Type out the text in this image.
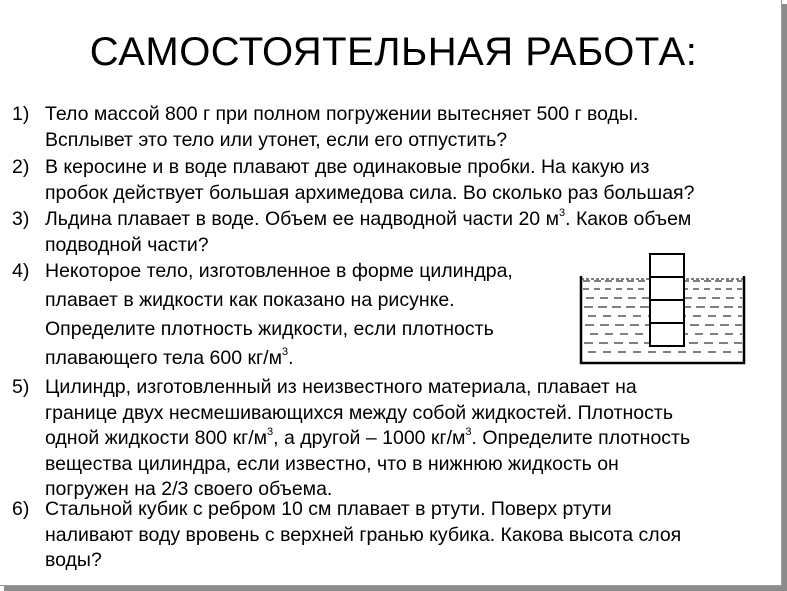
САМОСТОЯТЕЛЬНАЯ РАБОТА:
1) Тело массой 800 г при полном погружении вытесняет 500 г воды.
Всплывет это тело или утонет, если его отпустить?
2) В керосине и в воде плавают две одинаковые пробки. На какую из
пробок действует большая архимедова сила. Во сколько раз большая?
3) Льдина плавает в воде. Объем ее надводной части 20 $м^3$. Каков объем
подводной части?
4) Некоторое тело, изготовленное в форме цилиндра,
плавает в жидкости как показано на рисунке.
Определите плотность жидкости, если плотность
плавающего тела 600 $кг/м^3$.
5) Цилиндр, изготовленный из неизвестного материала, плавает на
границе двух несмешивающихся между собой жидкостей. Плотность
одной жидкости 800 $кг/м^3$, а другой – 1000 $кг/м^3$. Определите плотность
вещества цилиндра, если известно, что в нижнюю жидкость он
погружен на 2/3 своего объема.
6) Стальной кубик с ребром 10 см плавает в ртути. Поверх ртути
наливают воду вровень с верхней гранью кубика. Какова высота слоя
воды?
